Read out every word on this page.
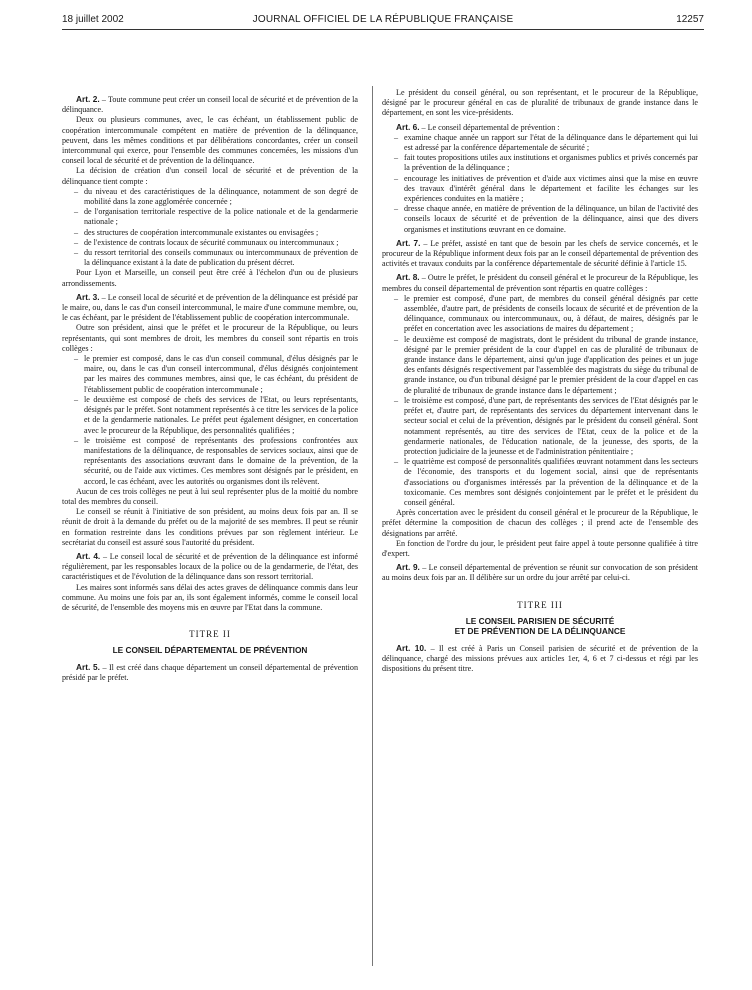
18 juillet 2002	JOURNAL OFFICIEL DE LA RÉPUBLIQUE FRANÇAISE	12257

Art. 2. – Toute commune peut créer un conseil local de sécurité et de prévention de la délinquance.

Deux ou plusieurs communes, avec, le cas échéant, un établissement public de coopération intercommunale compétent en matière de prévention de la délinquance, peuvent, dans les mêmes conditions et par délibérations concordantes, créer un conseil intercommunal qui exerce, pour l'ensemble des communes concernées, les missions d'un conseil local de sécurité et de prévention de la délinquance.

La décision de création d'un conseil local de sécurité et de prévention de la délinquance tient compte :

– du niveau et des caractéristiques de la délinquance, notamment de son degré de mobilité dans la zone agglomérée concernée ;
– de l'organisation territoriale respective de la police nationale et de la gendarmerie nationale ;
– des structures de coopération intercommunale existantes ou envisagées ;
– de l'existence de contrats locaux de sécurité communaux ou intercommunaux ;
– du ressort territorial des conseils communaux ou intercommunaux de prévention de la délinquance existant à la date de publication du présent décret.

Pour Lyon et Marseille, un conseil peut être créé à l'échelon d'un ou de plusieurs arrondissements.

Art. 3. – Le conseil local de sécurité et de prévention de la délinquance est présidé par le maire, ou, dans le cas d'un conseil intercommunal, le maire d'une commune membre, ou, le cas échéant, par le président de l'établissement public de coopération intercommunale.

Outre son président, ainsi que le préfet et le procureur de la République, ou leurs représentants, qui sont membres de droit, les membres du conseil sont répartis en trois collèges :

– le premier est composé, dans le cas d'un conseil communal, d'élus désignés par le maire, ou, dans le cas d'un conseil intercommunal, d'élus désignés conjointement par les maires des communes membres, ainsi que, le cas échéant, du président de l'établissement public de coopération intercommunale ;
– le deuxième est composé de chefs des services de l'Etat, ou leurs représentants, désignés par le préfet. Sont notamment représentés à ce titre les services de la police et de la gendarmerie nationales. Le préfet peut également désigner, en concertation avec le procureur de la République, des personnalités qualifiées ;
– le troisième est composé de représentants des professions confrontées aux manifestations de la délinquance, de responsables de services sociaux, ainsi que de représentants des associations œuvrant dans le domaine de la prévention, de la sécurité, ou de l'aide aux victimes. Ces membres sont désignés par le président, en accord, le cas échéant, avec les autorités ou organismes dont ils relèvent.

Aucun de ces trois collèges ne peut à lui seul représenter plus de la moitié du nombre total des membres du conseil.

Le conseil se réunit à l'initiative de son président, au moins deux fois par an. Il se réunit de droit à la demande du préfet ou de la majorité de ses membres. Il peut se réunir en formation restreinte dans les conditions prévues par son règlement intérieur. Le secrétariat du conseil est assuré sous l'autorité du président.

Art. 4. – Le conseil local de sécurité et de prévention de la délinquance est informé régulièrement, par les responsables locaux de la police ou de la gendarmerie, de l'état, des caractéristiques et de l'évolution de la délinquance dans son ressort territorial.

Les maires sont informés sans délai des actes graves de délinquance commis dans leur commune. Au moins une fois par an, ils sont également informés, comme le conseil local de sécurité, de l'ensemble des moyens mis en œuvre par l'Etat dans la commune.

TITRE II

LE CONSEIL DÉPARTEMENTAL DE PRÉVENTION

Art. 5. – Il est créé dans chaque département un conseil départemental de prévention présidé par le préfet.

Le président du conseil général, ou son représentant, et le procureur de la République, désigné par le procureur général en cas de pluralité de tribunaux de grande instance dans le département, en sont les vice-présidents.

Art. 6. – Le conseil départemental de prévention :

– examine chaque année un rapport sur l'état de la délinquance dans le département qui lui est adressé par la conférence départementale de sécurité ;
– fait toutes propositions utiles aux institutions et organismes publics et privés concernés par la prévention de la délinquance ;
– encourage les initiatives de prévention et d'aide aux victimes ainsi que la mise en œuvre des travaux d'intérêt général dans le département et facilite les échanges sur les expériences conduites en la matière ;
– dresse chaque année, en matière de prévention de la délinquance, un bilan de l'activité des conseils locaux de sécurité et de prévention de la délinquance, ainsi que des divers organismes et institutions œuvrant en ce domaine.

Art. 7. – Le préfet, assisté en tant que de besoin par les chefs de service concernés, et le procureur de la République informent deux fois par an le conseil départemental de prévention des activités et travaux conduits par la conférence départementale de sécurité définie à l'article 15.

Art. 8. – Outre le préfet, le président du conseil général et le procureur de la République, les membres du conseil départemental de prévention sont répartis en quatre collèges :

– le premier est composé, d'une part, de membres du conseil général désignés par cette assemblée, d'autre part, de présidents de conseils locaux de sécurité et de prévention de la délinquance, communaux ou intercommunaux, ou, à défaut, de maires, désignés par le préfet en concertation avec les associations de maires du département ;
– le deuxième est composé de magistrats, dont le président du tribunal de grande instance, désigné par le premier président de la cour d'appel en cas de pluralité de tribunaux de grande instance dans le département, ainsi qu'un juge d'application des peines et un juge des enfants désignés respectivement par l'assemblée des magistrats du siège du tribunal de grande instance, ou d'un tribunal désigné par le premier président de la cour d'appel en cas de pluralité de tribunaux de grande instance dans le département ;
– le troisième est composé, d'une part, de représentants des services de l'Etat désignés par le préfet et, d'autre part, de représentants des services du département intervenant dans le secteur social et celui de la prévention, désignés par le président du conseil général. Sont notamment représentés, au titre des services de l'Etat, ceux de la police et de la gendarmerie nationales, de l'éducation nationale, de la jeunesse, des sports, de la protection judiciaire de la jeunesse et de l'administration pénitentiaire ;
– le quatrième est composé de personnalités qualifiées œuvrant notamment dans les secteurs de l'économie, des transports et du logement social, ainsi que de représentants d'associations ou d'organismes intéressés par la prévention de la délinquance et de la toxicomanie. Ces membres sont désignés conjointement par le préfet et le président du conseil général.

Après concertation avec le président du conseil général et le procureur de la République, le préfet détermine la composition de chacun des collèges ; il prend acte de l'ensemble des désignations par arrêté.

En fonction de l'ordre du jour, le président peut faire appel à toute personne qualifiée à titre d'expert.

Art. 9. – Le conseil départemental de prévention se réunit sur convocation de son président au moins deux fois par an. Il délibère sur un ordre du jour arrêté par celui-ci.

TITRE III

LE CONSEIL PARISIEN DE SÉCURITÉ
ET DE PRÉVENTION DE LA DÉLINQUANCE

Art. 10. – Il est créé à Paris un Conseil parisien de sécurité et de prévention de la délinquance, chargé des missions prévues aux articles 1er, 4, 6 et 7 ci-dessus et régi par les dispositions du présent titre.
